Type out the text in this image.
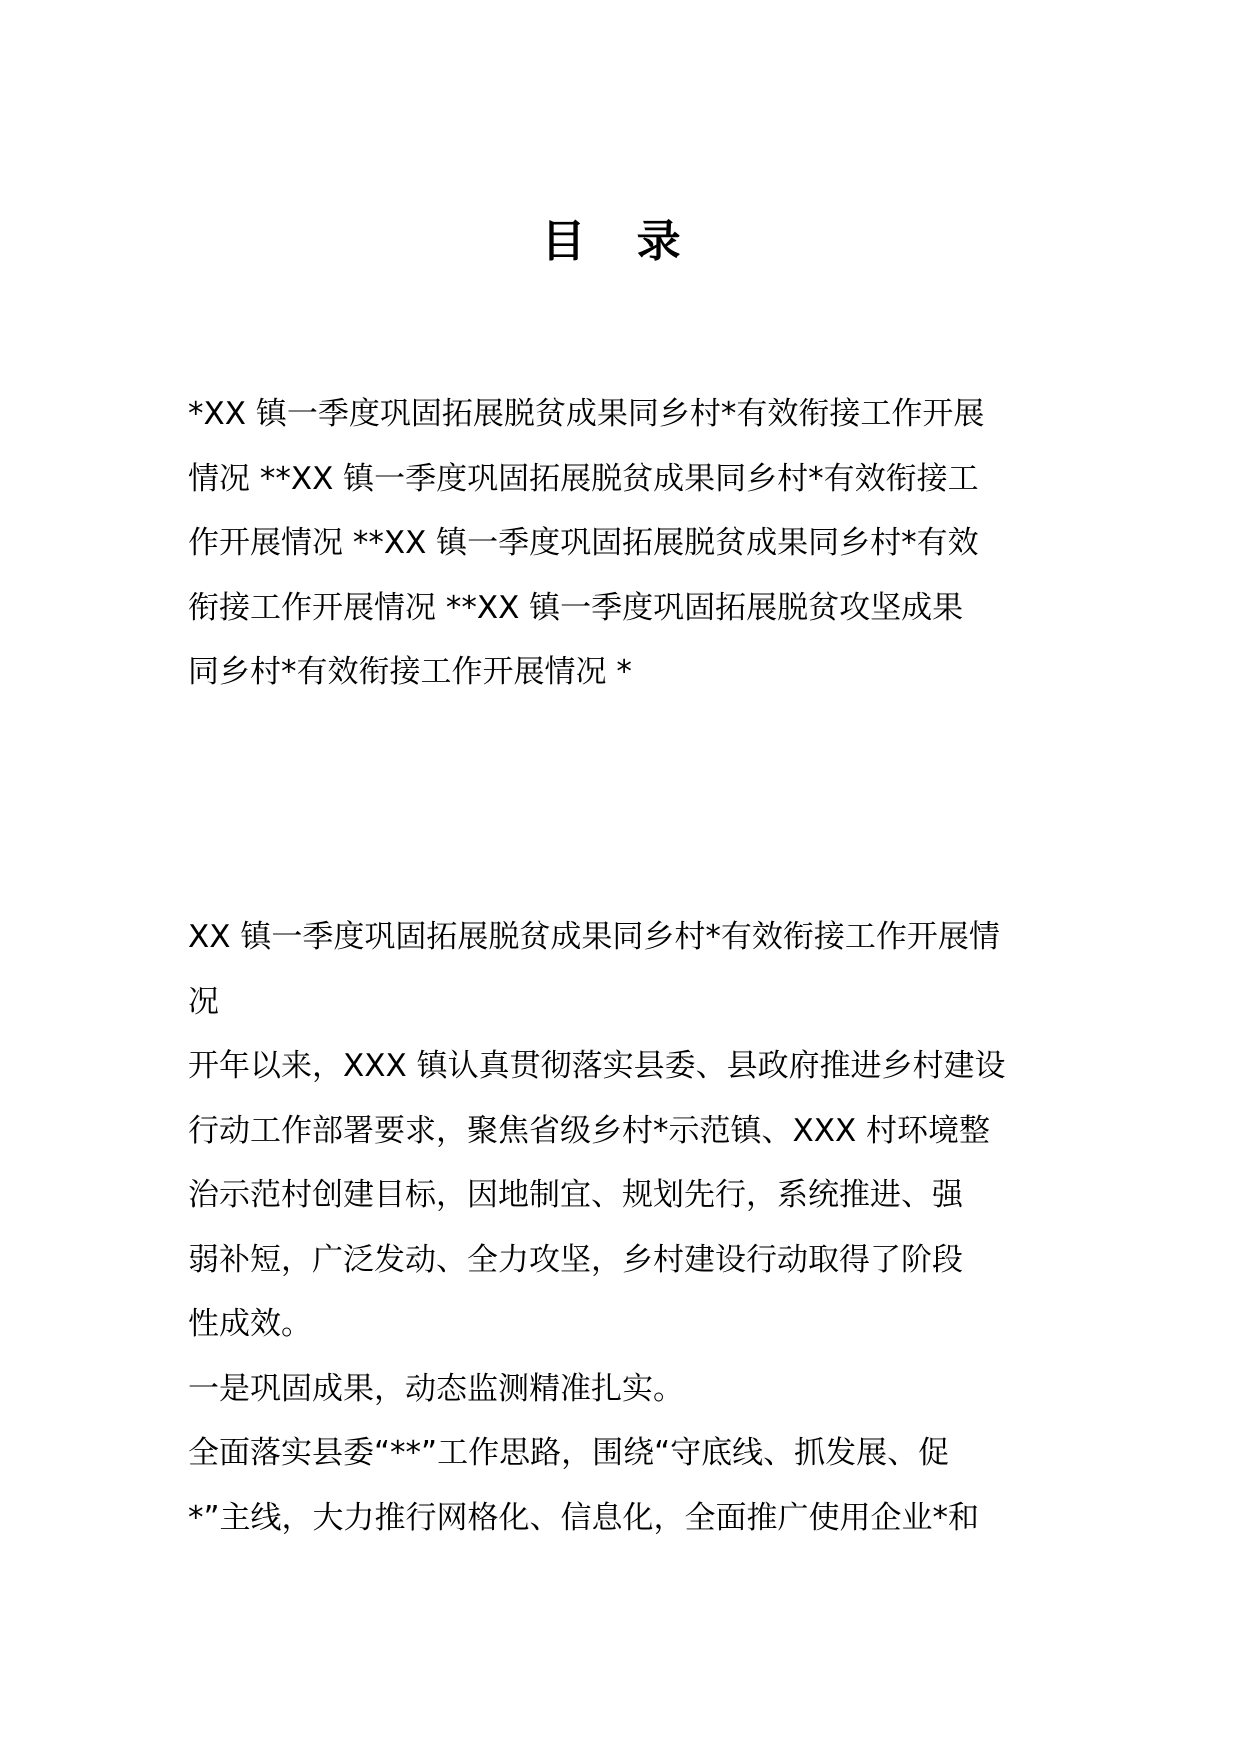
目 录
*XX 镇一季度巩固拓展脱贫成果同乡村*有效衔接工作开展
情况 **XX 镇一季度巩固拓展脱贫成果同乡村*有效衔接工
作开展情况 **XX 镇一季度巩固拓展脱贫成果同乡村*有效
衔接工作开展情况 **XX 镇一季度巩固拓展脱贫攻坚成果
同乡村*有效衔接工作开展情况 *
XX 镇一季度巩固拓展脱贫成果同乡村*有效衔接工作开展情
况
开年以来，XXX 镇认真贯彻落实县委、县政府推进乡村建设
行动工作部署要求，聚焦省级乡村*示范镇、XXX 村环境整
治示范村创建目标，因地制宜、规划先行，系统推进、强
弱补短，广泛发动、全力攻坚，乡村建设行动取得了阶段
性成效。
一是巩固成果，动态监测精准扎实。
全面落实县委“**”工作思路，围绕“守底线、抓发展、促
*”主线，大力推行网格化、信息化，全面推广使用企业*和
